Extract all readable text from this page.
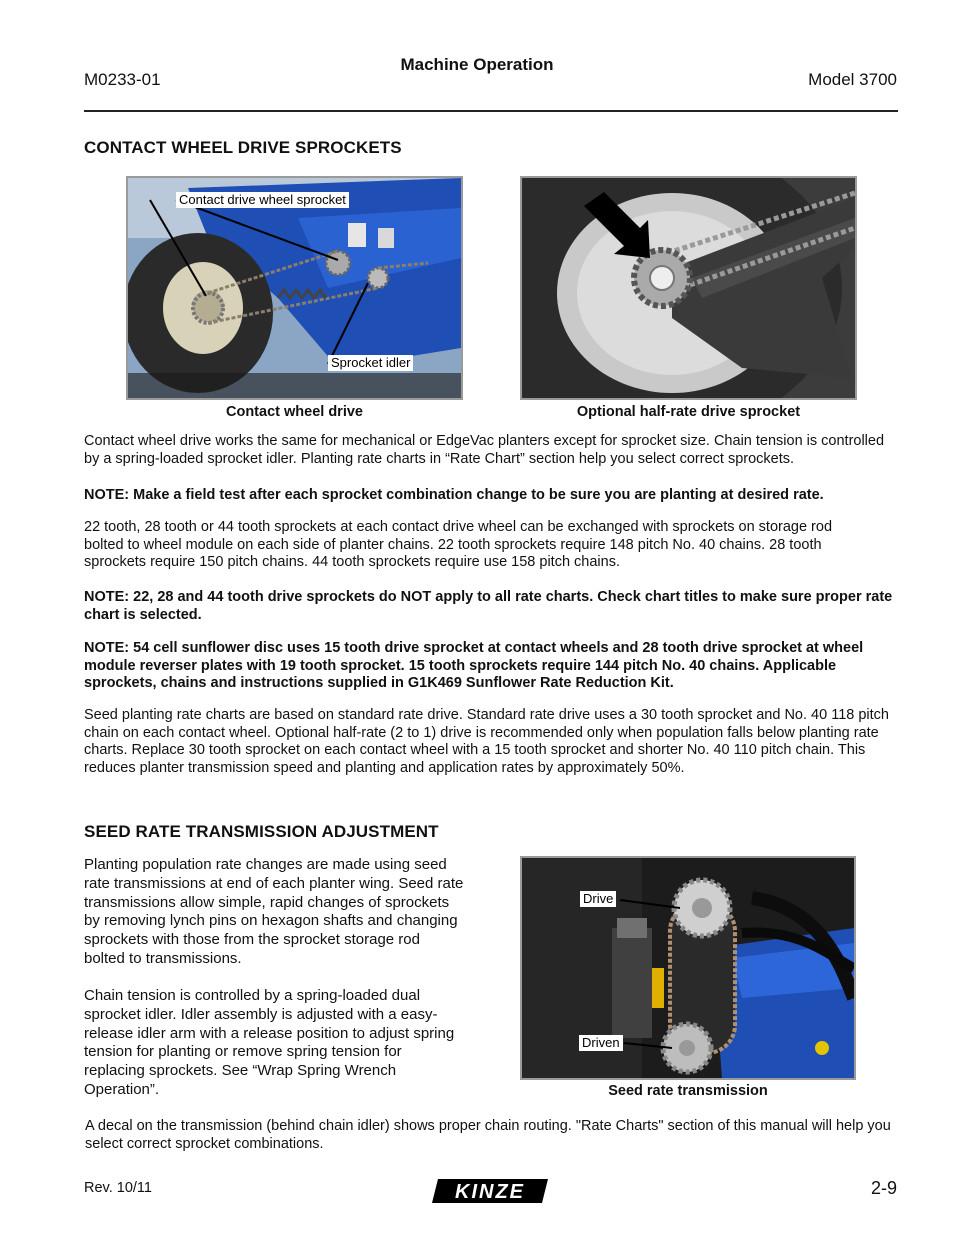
Machine Operation
M0233-01	Model 3700
CONTACT WHEEL DRIVE SPROCKETS
Contact drive wheel sprocket
Sprocket idler
Contact wheel drive	Optional half-rate drive sprocket
Contact wheel drive works the same for mechanical or EdgeVac planters except for sprocket size. Chain tension is controlled by a spring-loaded sprocket idler. Planting rate charts in “Rate Chart” section help you select correct sprockets.
NOTE: Make a field test after each sprocket combination change to be sure you are planting at desired rate.
22 tooth, 28 tooth or 44 tooth sprockets at each contact drive wheel can be exchanged with sprockets on storage rod bolted to wheel module on each side of planter chains. 22 tooth sprockets require 148 pitch No. 40 chains. 28 tooth sprockets require 150 pitch chains. 44 tooth sprockets require use 158 pitch chains.
NOTE: 22, 28 and 44 tooth drive sprockets do NOT apply to all rate charts. Check chart titles to make sure proper rate chart is selected.
NOTE: 54 cell sunflower disc uses 15 tooth drive sprocket at contact wheels and 28 tooth drive sprocket at wheel module reverser plates with 19 tooth sprocket. 15 tooth sprockets require 144 pitch No. 40 chains. Applicable sprockets, chains and instructions supplied in G1K469 Sunflower Rate Reduction Kit.
Seed planting rate charts are based on standard rate drive. Standard rate drive uses a 30 tooth sprocket and No. 40 118 pitch chain on each contact wheel. Optional half-rate (2 to 1) drive is recommended only when population falls below planting rate charts. Replace 30 tooth sprocket on each contact wheel with a 15 tooth sprocket and shorter No. 40 110 pitch chain. This reduces planter transmission speed and planting and application rates by approximately 50%.
SEED RATE TRANSMISSION ADJUSTMENT
Planting population rate changes are made using seed rate transmissions at end of each planter wing. Seed rate transmissions allow simple, rapid changes of sprockets by removing lynch pins on hexagon shafts and changing sprockets with those from the sprocket storage rod bolted to transmissions.
Chain tension is controlled by a spring-loaded dual sprocket idler. Idler assembly is adjusted with a easy-release idler arm with a release position to adjust spring tension for planting or remove spring tension for replacing sprockets. See “Wrap Spring Wrench Operation”.
Drive
Driven
Seed rate transmission
A decal on the transmission (behind chain idler) shows proper chain routing. "Rate Charts" section of this manual will help you select correct sprocket combinations.
Rev. 10/11	KINZE	2-9
